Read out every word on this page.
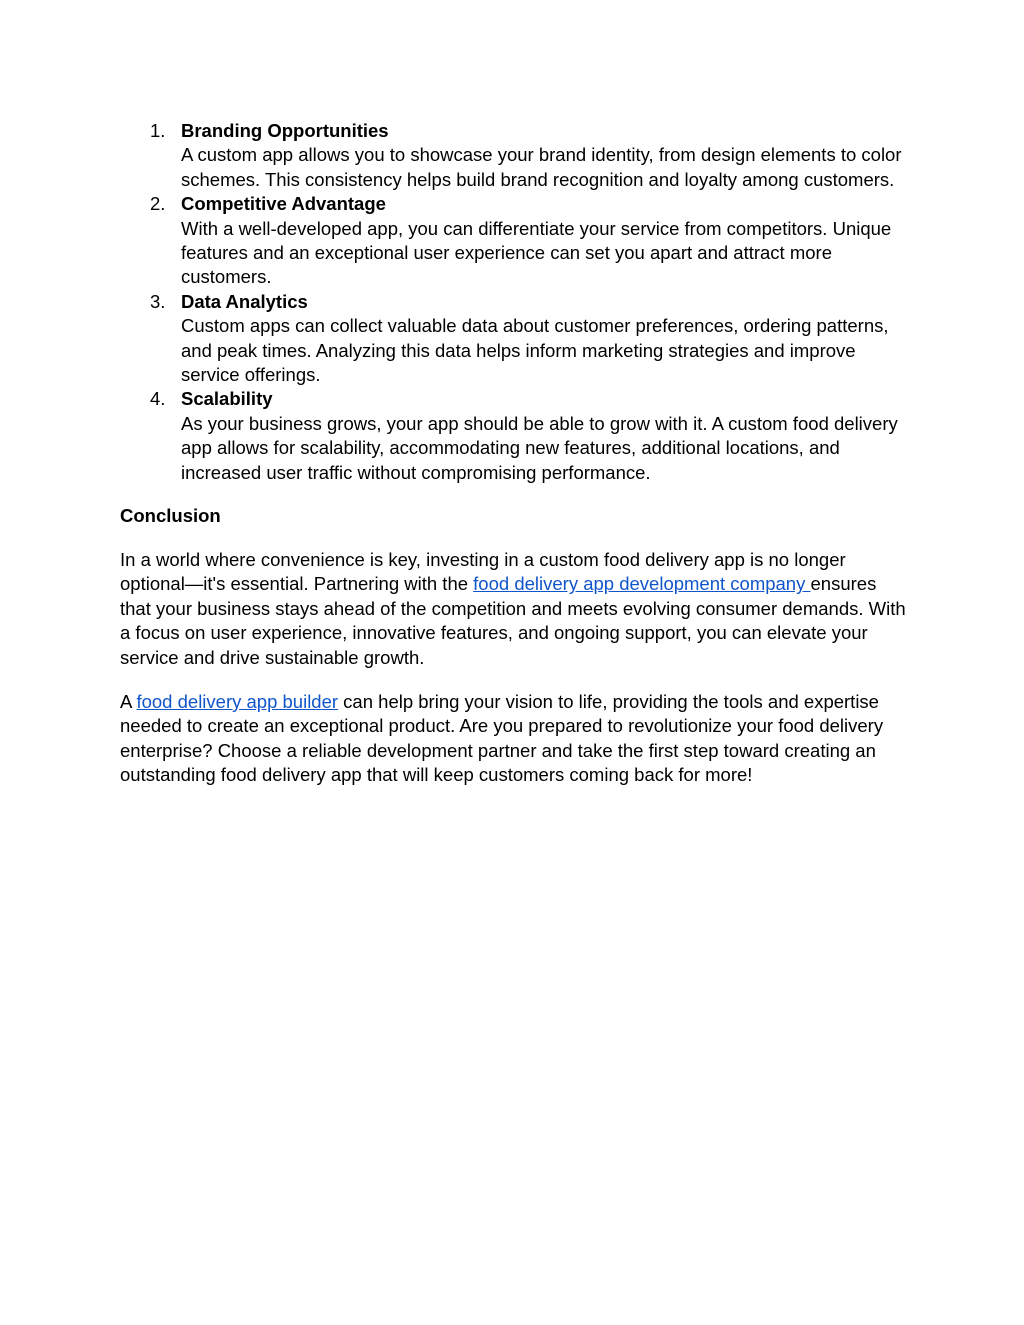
1. Branding Opportunities
A custom app allows you to showcase your brand identity, from design elements to color schemes. This consistency helps build brand recognition and loyalty among customers.
2. Competitive Advantage
With a well-developed app, you can differentiate your service from competitors. Unique features and an exceptional user experience can set you apart and attract more customers.
3. Data Analytics
Custom apps can collect valuable data about customer preferences, ordering patterns, and peak times. Analyzing this data helps inform marketing strategies and improve service offerings.
4. Scalability
As your business grows, your app should be able to grow with it. A custom food delivery app allows for scalability, accommodating new features, additional locations, and increased user traffic without compromising performance.
Conclusion

In a world where convenience is key, investing in a custom food delivery app is no longer optional—it's essential. Partnering with the food delivery app development company ensures that your business stays ahead of the competition and meets evolving consumer demands. With a focus on user experience, innovative features, and ongoing support, you can elevate your service and drive sustainable growth.

A food delivery app builder can help bring your vision to life, providing the tools and expertise needed to create an exceptional product. Are you prepared to revolutionize your food delivery enterprise? Choose a reliable development partner and take the first step toward creating an outstanding food delivery app that will keep customers coming back for more!
